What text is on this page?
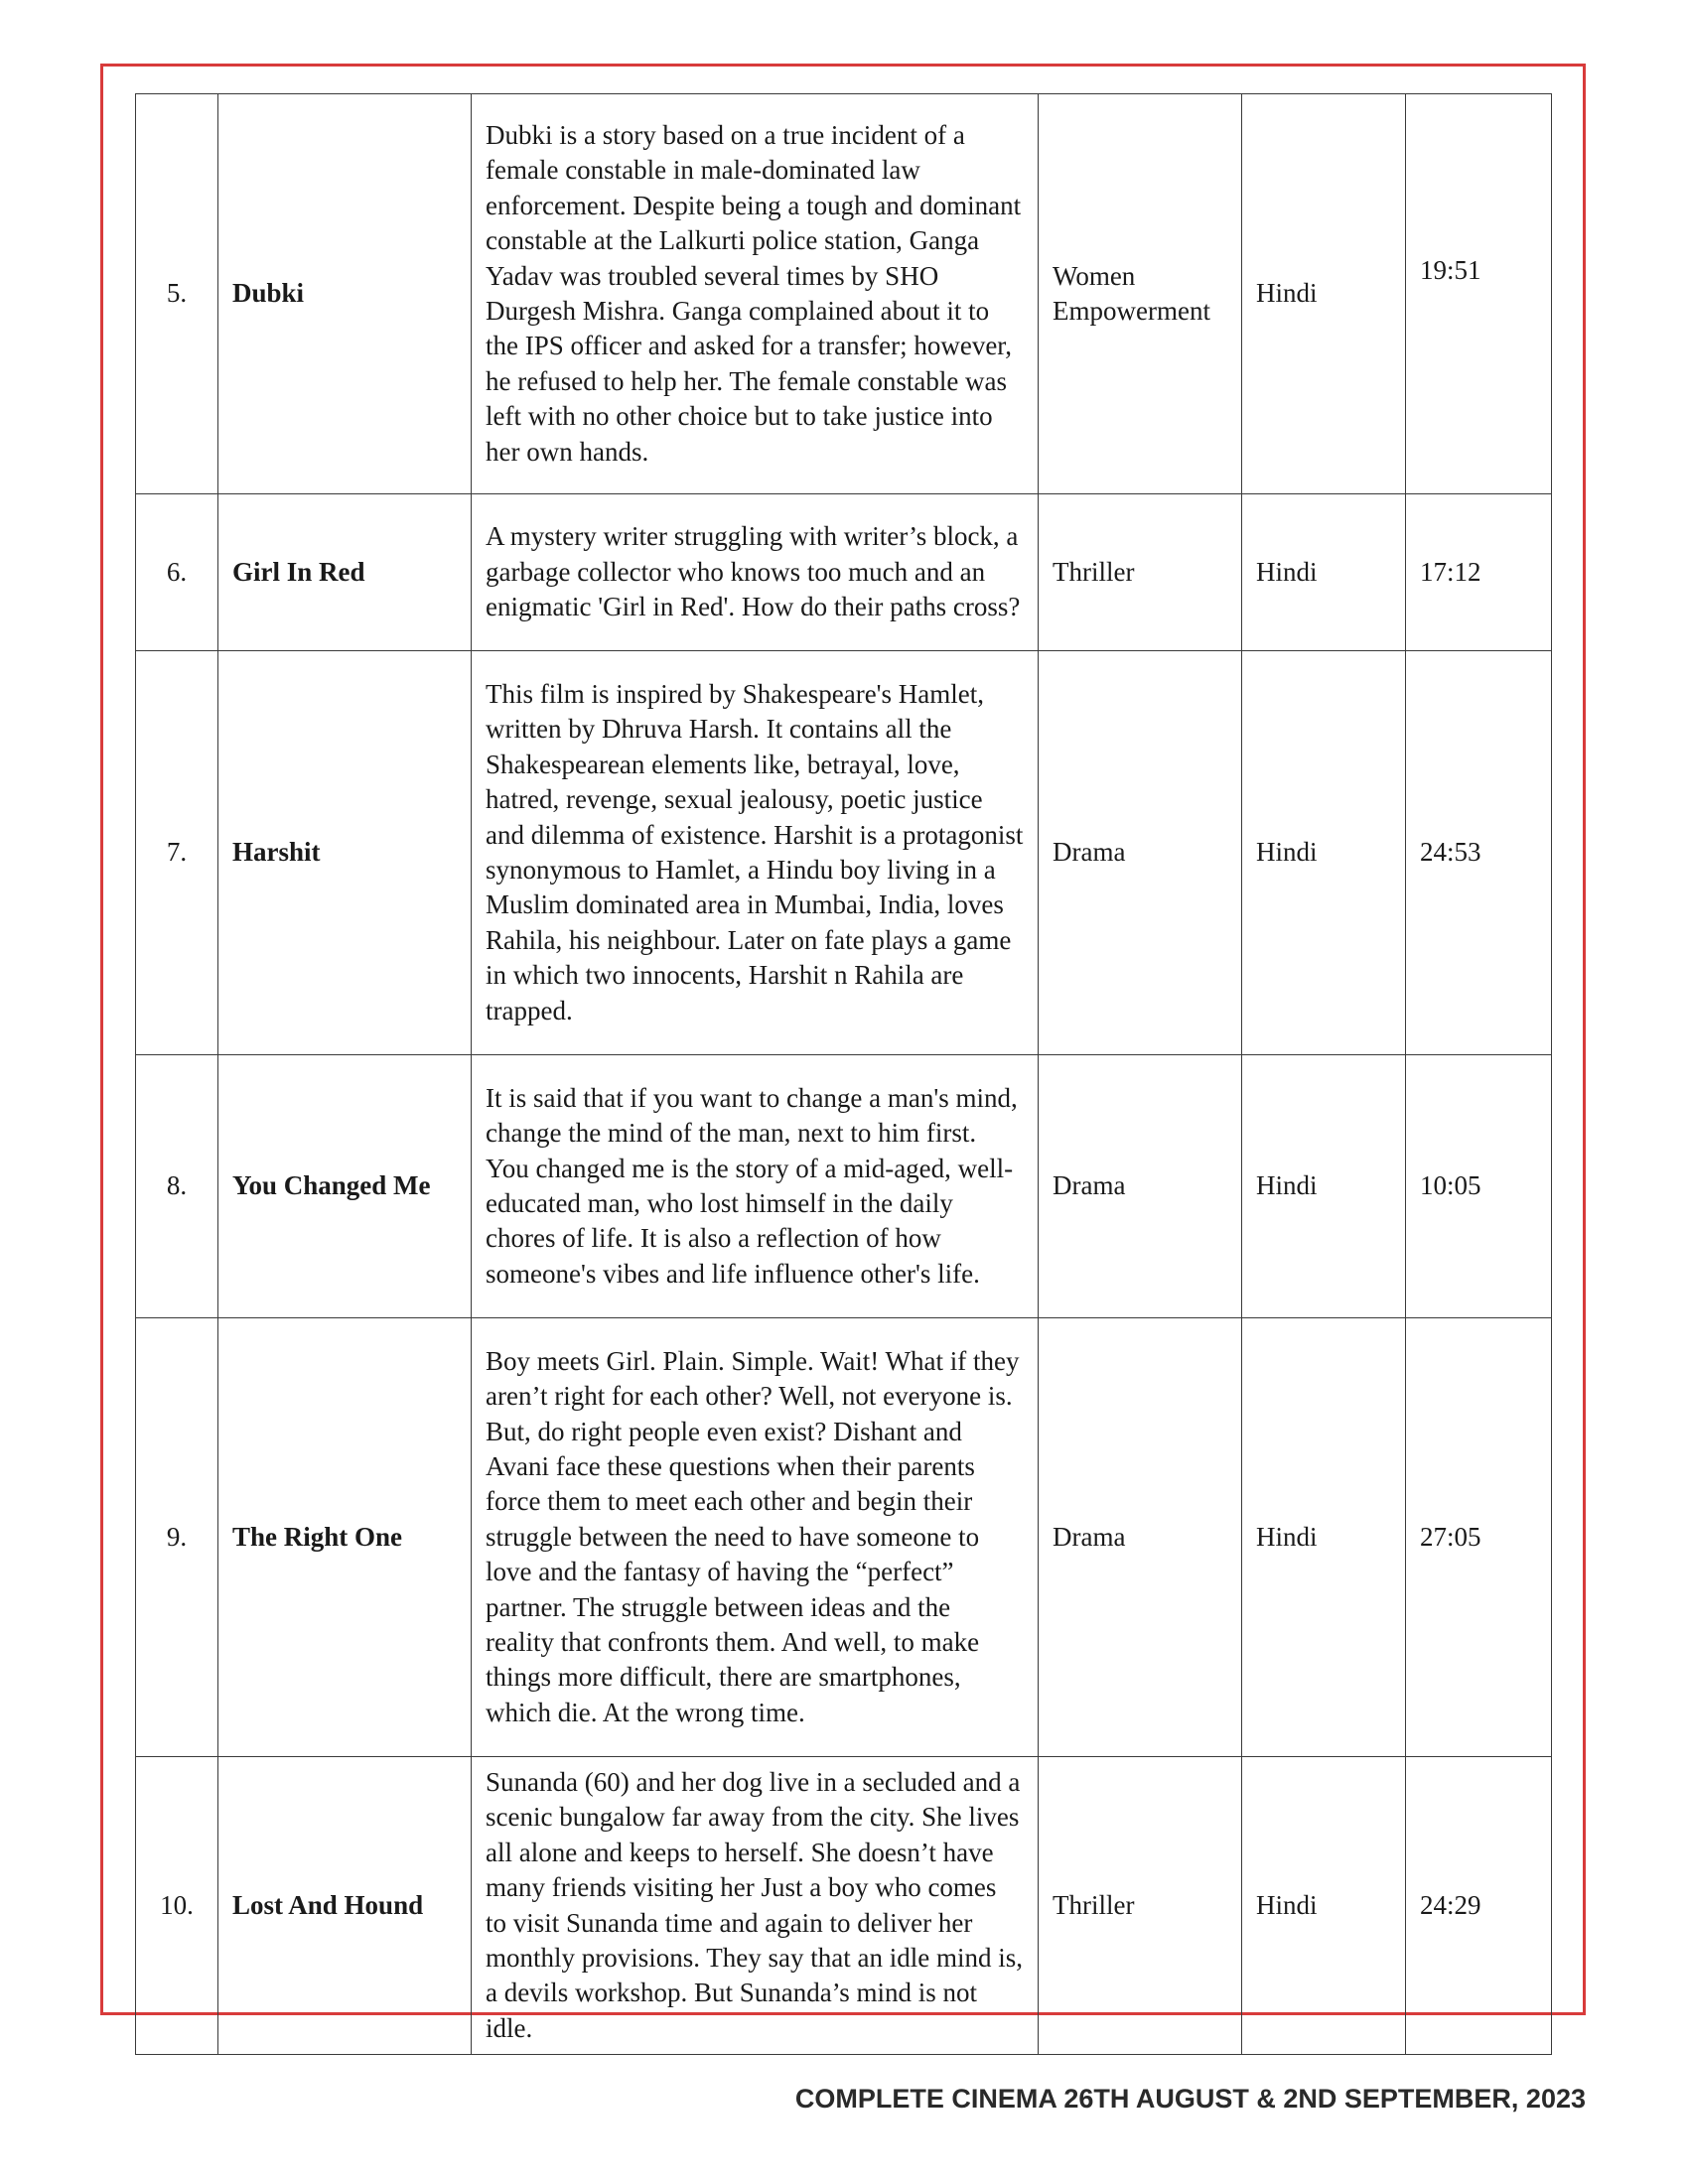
5.	Dubki	Dubki is a story based on a true incident of a female constable in male-dominated law enforcement. Despite being a tough and dominant constable at the Lalkurti police station, Ganga Yadav was troubled several times by SHO Durgesh Mishra. Ganga complained about it to the IPS officer and asked for a transfer; however, he refused to help her. The female constable was left with no other choice but to take justice into her own hands.	Women Empowerment	Hindi	19:51
6.	Girl In Red	A mystery writer struggling with writer’s block, a garbage collector who knows too much and an enigmatic 'Girl in Red'. How do their paths cross?	Thriller	Hindi	17:12
7.	Harshit	This film is inspired by Shakespeare's Hamlet, written by Dhruva Harsh. It contains all the Shakespearean elements like, betrayal, love, hatred, revenge, sexual jealousy, poetic justice and dilemma of existence. Harshit is a protagonist synonymous to Hamlet, a Hindu boy living in a Muslim dominated area in Mumbai, India, loves Rahila, his neighbour. Later on fate plays a game in which two innocents, Harshit n Rahila are trapped.	Drama	Hindi	24:53
8.	You Changed Me	It is said that if you want to change a man's mind, change the mind of the man, next to him first. You changed me is the story of a mid-aged, well-educated man, who lost himself in the daily chores of life. It is also a reflection of how someone's vibes and life influence other's life.	Drama	Hindi	10:05
9.	The Right One	Boy meets Girl. Plain. Simple. Wait! What if they aren’t right for each other? Well, not everyone is. But, do right people even exist? Dishant and Avani face these questions when their parents force them to meet each other and begin their struggle between the need to have someone to love and the fantasy of having the “perfect” partner. The struggle between ideas and the reality that confronts them. And well, to make things more difficult, there are smartphones, which die. At the wrong time.	Drama	Hindi	27:05
10.	Lost And Hound	Sunanda (60) and her dog live in a secluded and a scenic bungalow far away from the city. She lives all alone and keeps to herself. She doesn’t have many friends visiting her Just a boy who comes to visit Sunanda time and again to deliver her monthly provisions. They say that an idle mind is, a devils workshop. But Sunanda’s mind is not idle.	Thriller	Hindi	24:29
COMPLETE CINEMA 26TH AUGUST & 2ND SEPTEMBER, 2023
